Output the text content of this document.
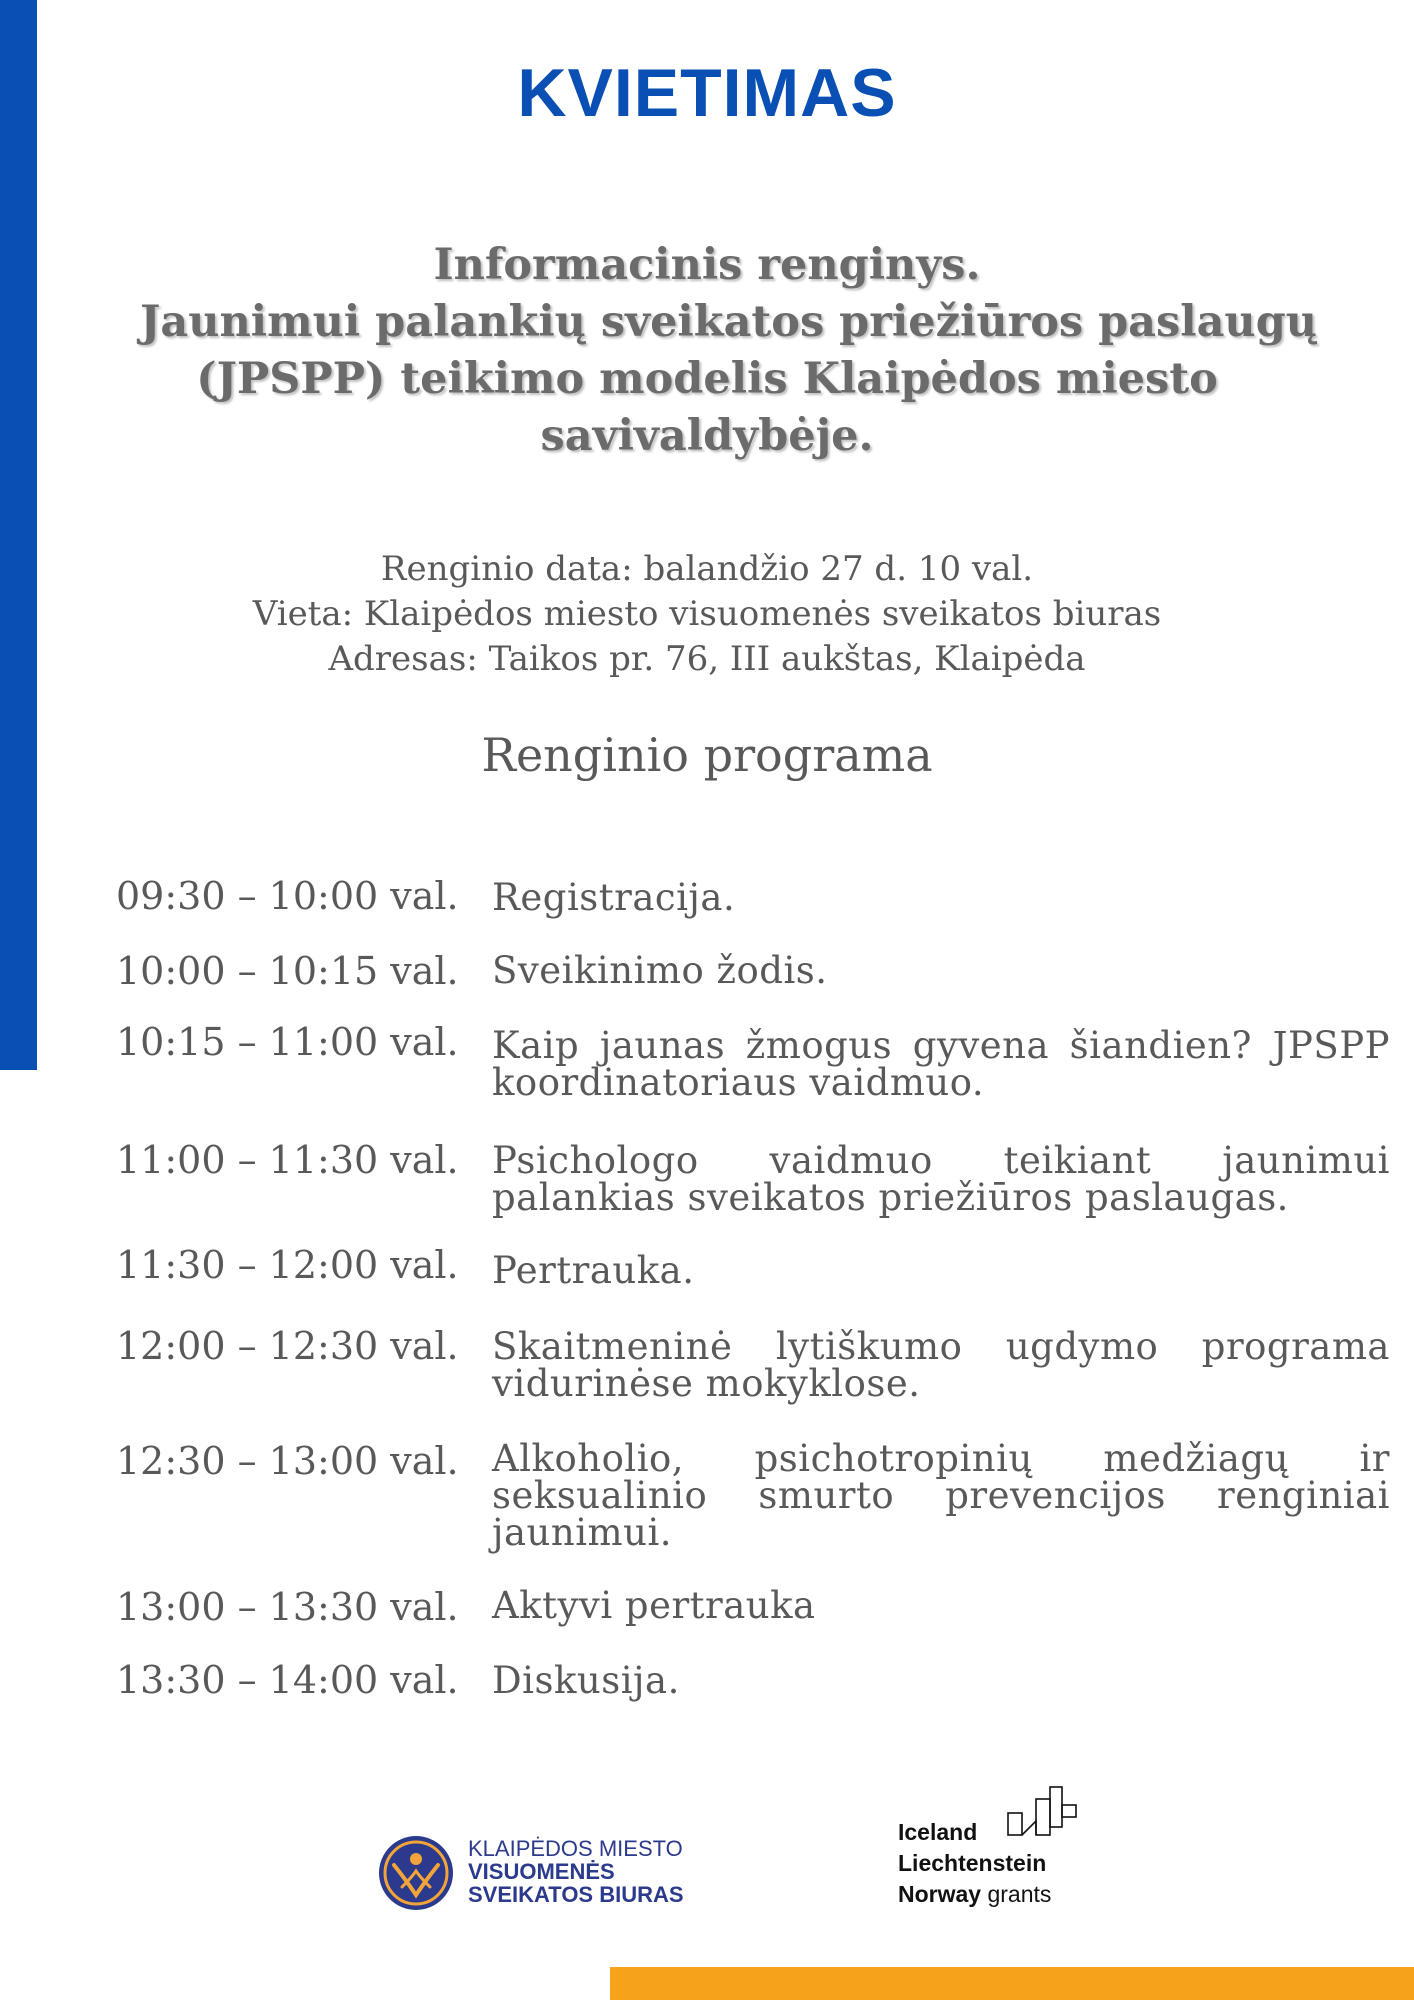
KVIETIMAS
Informacinis renginys.
Jaunimui palankių sveikatos priežiūros paslaugų
(JPSPP) teikimo modelis Klaipėdos miesto
savivaldybėje.
Renginio data: balandžio 27 d. 10 val.
Vieta: Klaipėdos miesto visuomenės sveikatos biuras
Adresas: Taikos pr. 76, III aukštas, Klaipėda
Renginio programa
09:30 – 10:00 val. Registracija.
10:00 – 10:15 val. Sveikinimo žodis.
10:15 – 11:00 val. Kaip jaunas žmogus gyvena šiandien? JPSPP koordinatoriaus vaidmuo.
11:00 – 11:30 val. Psichologo vaidmuo teikiant jaunimui palankias sveikatos priežiūros paslaugas.
11:30 – 12:00 val. Pertrauka.
12:00 – 12:30 val. Skaitmeninė lytiškumo ugdymo programa vidurinėse mokyklose.
12:30 – 13:00 val. Alkoholio, psichotropinių medžiagų ir seksualinio smurto prevencijos renginiai jaunimui.
13:00 – 13:30 val. Aktyvi pertrauka
13:30 – 14:00 val. Diskusija.
KLAIPĖDOS MIESTO
VISUOMENĖS
SVEIKATOS BIURAS
Iceland
Liechtenstein
Norway grants
